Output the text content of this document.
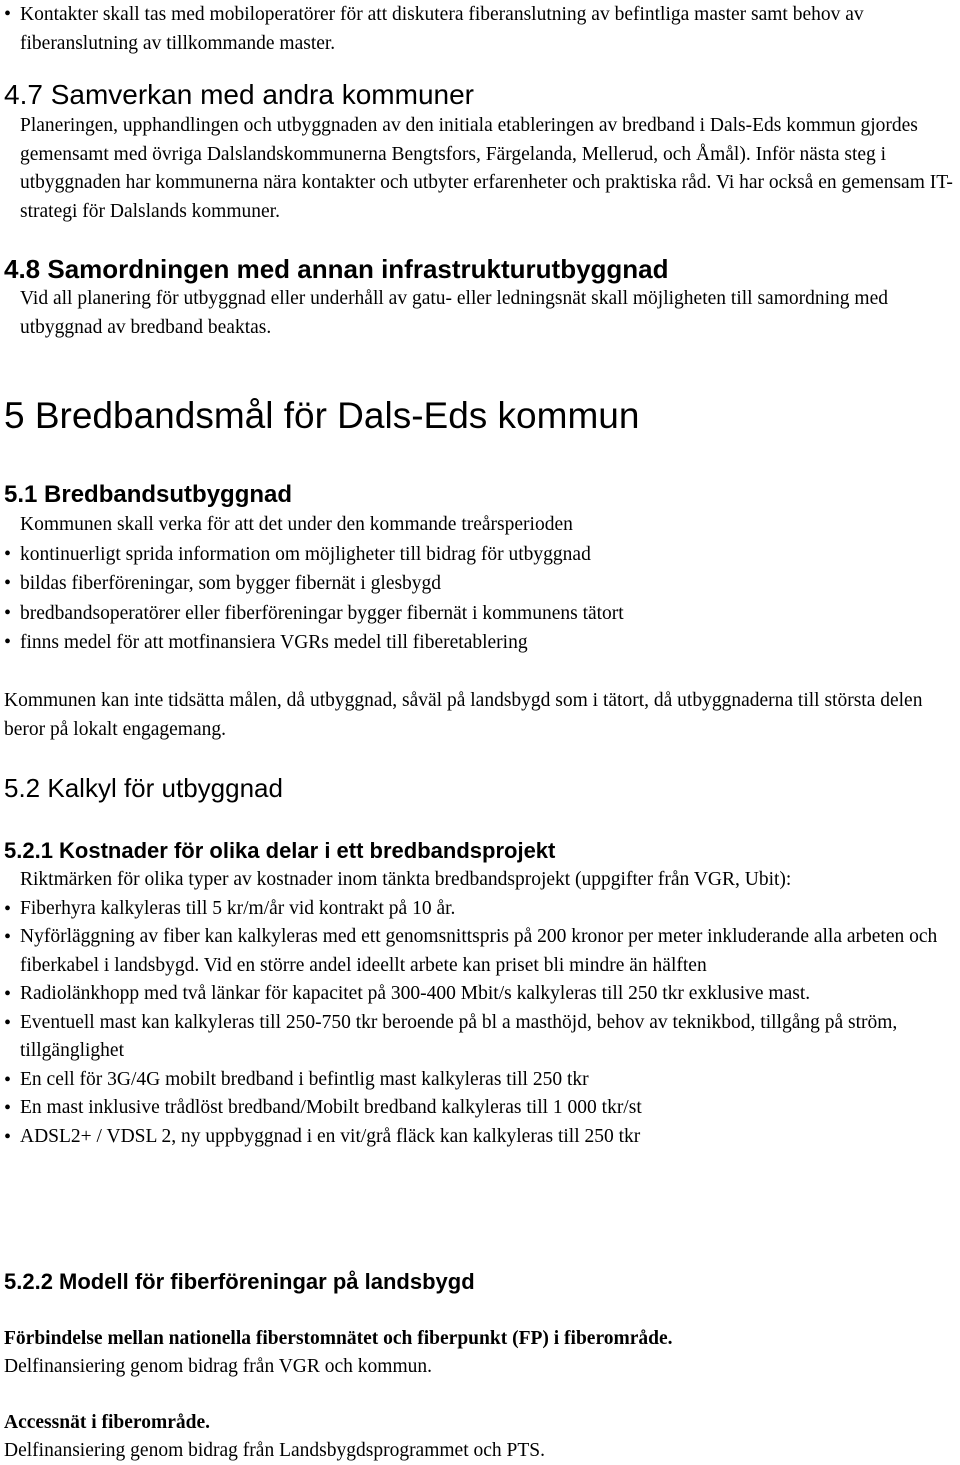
• Kontakter skall tas med mobiloperatörer för att diskutera fiberanslutning av befintliga master samt behov av fiberanslutning av tillkommande master.
4.7 Samverkan med andra kommuner

Planeringen, upphandlingen och utbyggnaden av den initiala etableringen av bredband i Dals-Eds kommun gjordes gemensamt med övriga Dalslandskommunerna Bengtsfors, Färgelanda, Mellerud, och Åmål). Inför nästa steg i utbyggnaden har kommunerna nära kontakter och utbyter erfarenheter och praktiska råd. Vi har också en gemensam IT-strategi för Dalslands kommuner.

4.8 Samordningen med annan infrastrukturutbyggnad

Vid all planering för utbyggnad eller underhåll av gatu- eller ledningsnät skall möjligheten till samordning med utbyggnad av bredband beaktas.

5 Bredbandsmål för Dals-Eds kommun
5.1 Bredbandsutbyggnad

Kommunen skall verka för att det under den kommande treårsperioden

• kontinuerligt sprida information om möjligheter till bidrag för utbyggnad
• bildas fiberföreningar, som bygger fibernät i glesbygd
• bredbandsoperatörer eller fiberföreningar bygger fibernät i kommunens tätort
• finns medel för att motfinansiera VGRs medel till fiberetablering

Kommunen kan inte tidsätta målen, då utbyggnad, såväl på landsbygd som i tätort, då utbyggnaderna till största delen beror på lokalt engagemang.

5.2 Kalkyl för utbyggnad
5.2.1 Kostnader för olika delar i ett bredbandsprojekt

Riktmärken för olika typer av kostnader inom tänkta bredbandsprojekt (uppgifter från VGR, Ubit):

• Fiberhyra kalkyleras till 5 kr/m/år vid kontrakt på 10 år.
• Nyförläggning av fiber kan kalkyleras med ett genomsnittspris på 200 kronor per meter inkluderande alla arbeten och fiberkabel i landsbygd. Vid en större andel ideellt arbete kan priset bli mindre än hälften
• Radiolänkhopp med två länkar för kapacitet på 300-400 Mbit/s kalkyleras till 250 tkr exklusive mast.
• Eventuell mast kan kalkyleras till 250-750 tkr beroende på bl a masthöjd, behov av teknikbod, tillgång på ström, tillgänglighet
• En cell för 3G/4G mobilt bredband i befintlig mast kalkyleras till 250 tkr
• En mast inklusive trådlöst bredband/Mobilt bredband kalkyleras till 1 000 tkr/st
• ADSL2+ / VDSL 2, ny uppbyggnad i en vit/grå fläck kan kalkyleras till 250 tkr
5.2.2 Modell för fiberföreningar på landsbygd

Förbindelse mellan nationella fiberstomnätet och fiberpunkt (FP) i fiberområde.

Delfinansiering genom bidrag från VGR och kommun.

Accessnät i fiberområde.

Delfinansiering genom bidrag från Landsbygdsprogrammet och PTS.
